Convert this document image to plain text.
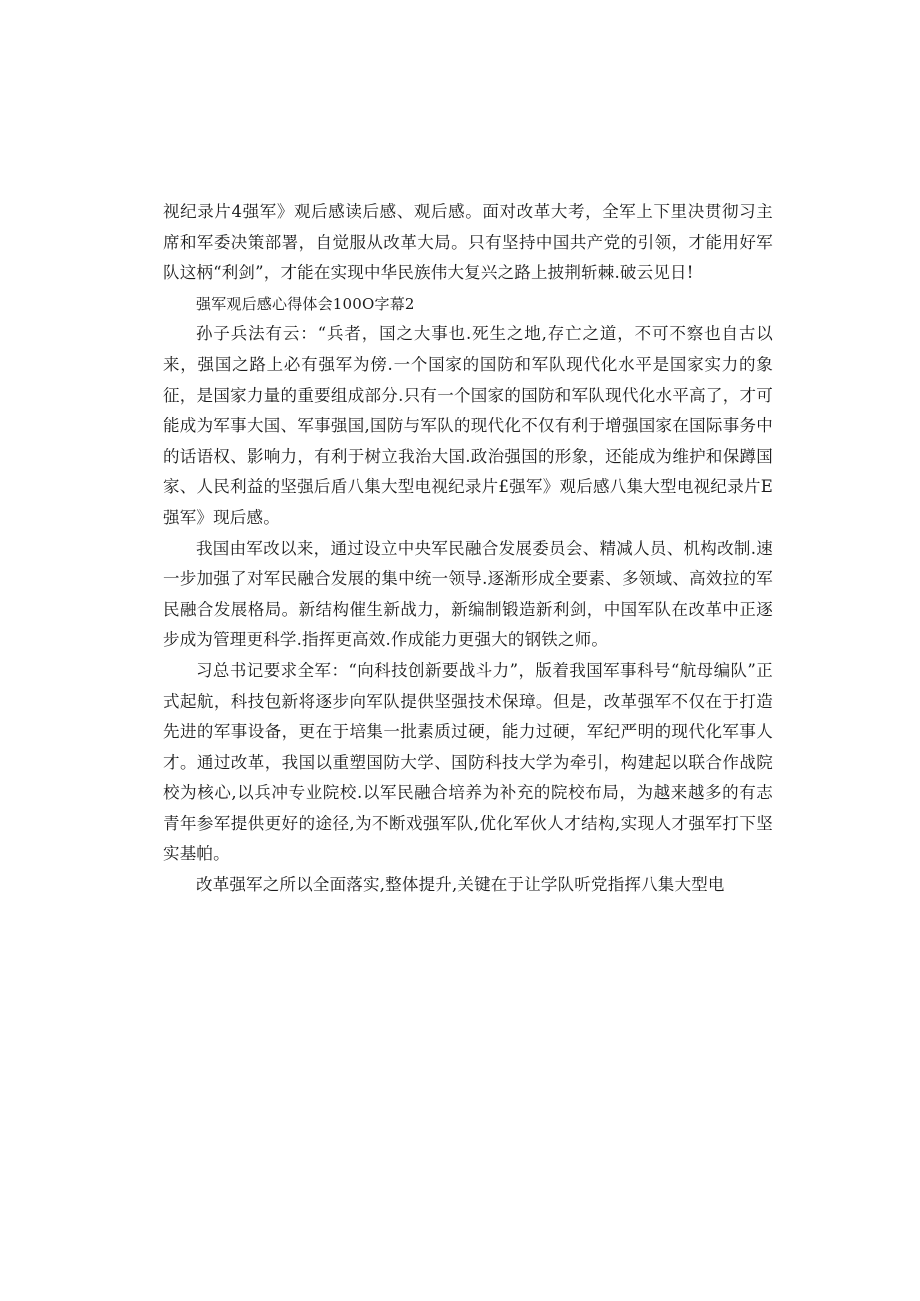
视纪录片4强军》观后感读后感、观后感。面对改革大考，全军上下里决贯彻习主席和军委决策部署，自觉服从改革大局。只有坚持中国共产党的引领，才能用好军队这柄“利剑”，才能在实现中华民族伟大复兴之路上披荆斩棘.破云见日!

强军观后感心得体会100O字幕2

孙子兵法有云：“兵者，国之大事也.死生之地,存亡之道，不可不察也自古以来，强国之路上必有强军为傍.一个国家的国防和军队现代化水平是国家实力的象征，是国家力量的重要组成部分.只有一个国家的国防和军队现代化水平高了，才可能成为军事大国、军事强国,国防与军队的现代化不仅有利于增强国家在国际事务中的话语权、影响力，有利于树立我治大国.政治强国的形象，还能成为维护和保蹲国家、人民利益的坚强后盾八集大型电视纪录片£强军》观后感八集大型电视纪录片E强军》现后感。

我国由军改以来，通过设立中央军民融合发展委员会、精减人员、机构改制.速一步加强了对军民融合发展的集中统一领导.逐渐形成全要素、多领域、高效拉的军民融合发展格局。新结构催生新战力，新编制锻造新利剑，中国军队在改革中正逐步成为管理更科学.指挥更高效.作成能力更强大的钢铁之师。

习总书记要求全军：“向科技创新要战斗力”，版着我国军事科号“航母编队”正式起航，科技包新将逐步向军队提供坚强技术保璋。但是，改革强军不仅在于打造先进的军事设备，更在于培集一批素质过硬，能力过硬，军纪严明的现代化军事人才。通过改革，我国以重塑国防大学、国防科技大学为牵引，构建起以联合作战院校为核心,以兵冲专业院校.以军民融合培养为补充的院校布局，为越来越多的有志青年参军提供更好的途径,为不断戏强军队,优化军伙人才结构,实现人才强军打下坚实基帕。

改革强军之所以全面落实,整体提升,关键在于让学队听党指挥八集大型电
